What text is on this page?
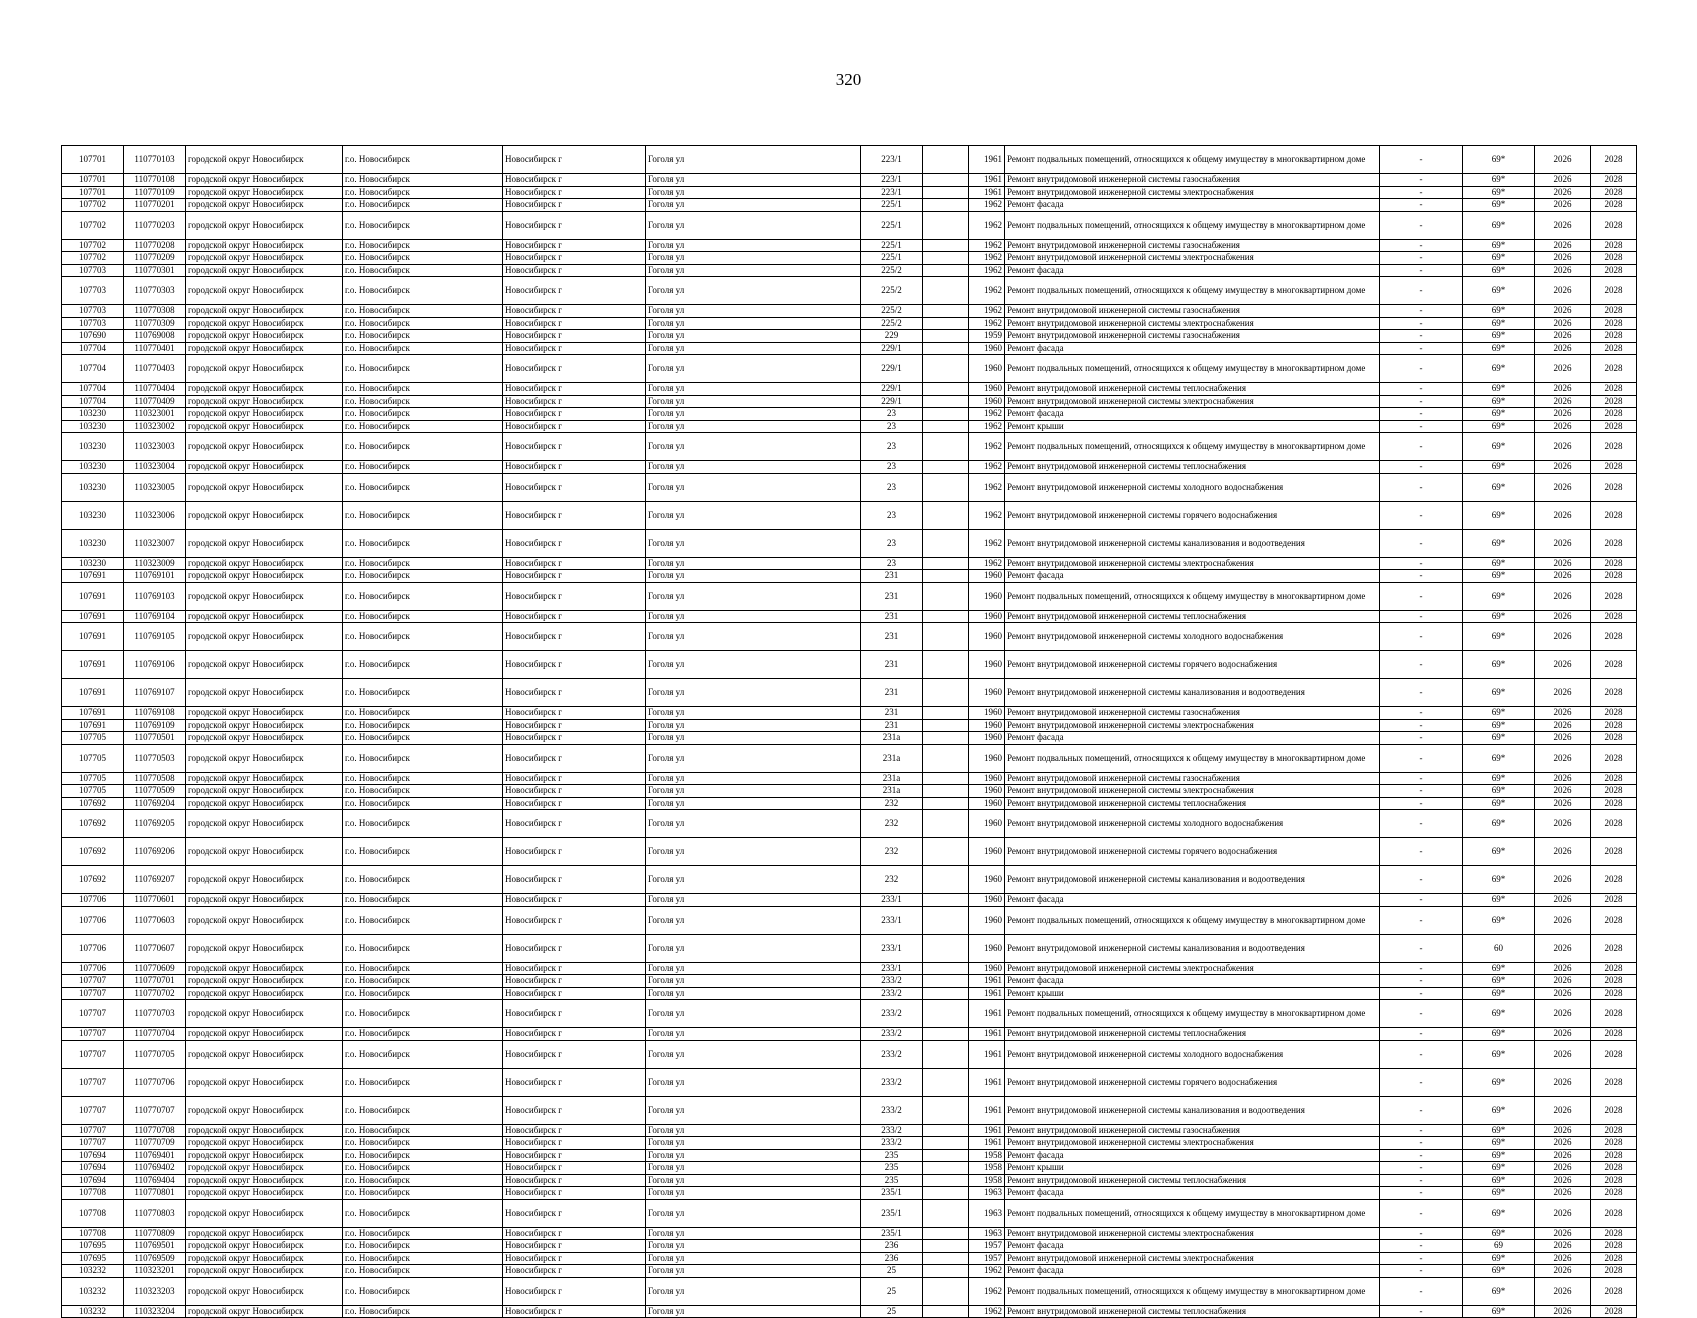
320
107701	110770103	городской округ Новосибирск	г.о. Новосибирск	Новосибирск г	Гоголя ул	223/1		1961	Ремонт подвальных помещений, относящихся к общему имуществу в многоквартирном доме	-	69*	2026	2028
107701	110770108	городской округ Новосибирск	г.о. Новосибирск	Новосибирск г	Гоголя ул	223/1		1961	Ремонт внутридомовой инженерной системы газоснабжения	-	69*	2026	2028
107701	110770109	городской округ Новосибирск	г.о. Новосибирск	Новосибирск г	Гоголя ул	223/1		1961	Ремонт внутридомовой инженерной системы электроснабжения	-	69*	2026	2028
107702	110770201	городской округ Новосибирск	г.о. Новосибирск	Новосибирск г	Гоголя ул	225/1		1962	Ремонт фасада	-	69*	2026	2028
107702	110770203	городской округ Новосибирск	г.о. Новосибирск	Новосибирск г	Гоголя ул	225/1		1962	Ремонт подвальных помещений, относящихся к общему имуществу в многоквартирном доме	-	69*	2026	2028
107702	110770208	городской округ Новосибирск	г.о. Новосибирск	Новосибирск г	Гоголя ул	225/1		1962	Ремонт внутридомовой инженерной системы газоснабжения	-	69*	2026	2028
107702	110770209	городской округ Новосибирск	г.о. Новосибирск	Новосибирск г	Гоголя ул	225/1		1962	Ремонт внутридомовой инженерной системы электроснабжения	-	69*	2026	2028
107703	110770301	городской округ Новосибирск	г.о. Новосибирск	Новосибирск г	Гоголя ул	225/2		1962	Ремонт фасада	-	69*	2026	2028
107703	110770303	городской округ Новосибирск	г.о. Новосибирск	Новосибирск г	Гоголя ул	225/2		1962	Ремонт подвальных помещений, относящихся к общему имуществу в многоквартирном доме	-	69*	2026	2028
107703	110770308	городской округ Новосибирск	г.о. Новосибирск	Новосибирск г	Гоголя ул	225/2		1962	Ремонт внутридомовой инженерной системы газоснабжения	-	69*	2026	2028
107703	110770309	городской округ Новосибирск	г.о. Новосибирск	Новосибирск г	Гоголя ул	225/2		1962	Ремонт внутридомовой инженерной системы электроснабжения	-	69*	2026	2028
107690	110769008	городской округ Новосибирск	г.о. Новосибирск	Новосибирск г	Гоголя ул	229		1959	Ремонт внутридомовой инженерной системы газоснабжения	-	69*	2026	2028
107704	110770401	городской округ Новосибирск	г.о. Новосибирск	Новосибирск г	Гоголя ул	229/1		1960	Ремонт фасада	-	69*	2026	2028
107704	110770403	городской округ Новосибирск	г.о. Новосибирск	Новосибирск г	Гоголя ул	229/1		1960	Ремонт подвальных помещений, относящихся к общему имуществу в многоквартирном доме	-	69*	2026	2028
107704	110770404	городской округ Новосибирск	г.о. Новосибирск	Новосибирск г	Гоголя ул	229/1		1960	Ремонт внутридомовой инженерной системы теплоснабжения	-	69*	2026	2028
107704	110770409	городской округ Новосибирск	г.о. Новосибирск	Новосибирск г	Гоголя ул	229/1		1960	Ремонт внутридомовой инженерной системы электроснабжения	-	69*	2026	2028
103230	110323001	городской округ Новосибирск	г.о. Новосибирск	Новосибирск г	Гоголя ул	23		1962	Ремонт фасада	-	69*	2026	2028
103230	110323002	городской округ Новосибирск	г.о. Новосибирск	Новосибирск г	Гоголя ул	23		1962	Ремонт крыши	-	69*	2026	2028
103230	110323003	городской округ Новосибирск	г.о. Новосибирск	Новосибирск г	Гоголя ул	23		1962	Ремонт подвальных помещений, относящихся к общему имуществу в многоквартирном доме	-	69*	2026	2028
103230	110323004	городской округ Новосибирск	г.о. Новосибирск	Новосибирск г	Гоголя ул	23		1962	Ремонт внутридомовой инженерной системы теплоснабжения	-	69*	2026	2028
103230	110323005	городской округ Новосибирск	г.о. Новосибирск	Новосибирск г	Гоголя ул	23		1962	Ремонт внутридомовой инженерной системы холодного водоснабжения	-	69*	2026	2028
103230	110323006	городской округ Новосибирск	г.о. Новосибирск	Новосибирск г	Гоголя ул	23		1962	Ремонт внутридомовой инженерной системы горячего водоснабжения	-	69*	2026	2028
103230	110323007	городской округ Новосибирск	г.о. Новосибирск	Новосибирск г	Гоголя ул	23		1962	Ремонт внутридомовой инженерной системы канализования и водоотведения	-	69*	2026	2028
103230	110323009	городской округ Новосибирск	г.о. Новосибирск	Новосибирск г	Гоголя ул	23		1962	Ремонт внутридомовой инженерной системы электроснабжения	-	69*	2026	2028
107691	110769101	городской округ Новосибирск	г.о. Новосибирск	Новосибирск г	Гоголя ул	231		1960	Ремонт фасада	-	69*	2026	2028
107691	110769103	городской округ Новосибирск	г.о. Новосибирск	Новосибирск г	Гоголя ул	231		1960	Ремонт подвальных помещений, относящихся к общему имуществу в многоквартирном доме	-	69*	2026	2028
107691	110769104	городской округ Новосибирск	г.о. Новосибирск	Новосибирск г	Гоголя ул	231		1960	Ремонт внутридомовой инженерной системы теплоснабжения	-	69*	2026	2028
107691	110769105	городской округ Новосибирск	г.о. Новосибирск	Новосибирск г	Гоголя ул	231		1960	Ремонт внутридомовой инженерной системы холодного водоснабжения	-	69*	2026	2028
107691	110769106	городской округ Новосибирск	г.о. Новосибирск	Новосибирск г	Гоголя ул	231		1960	Ремонт внутридомовой инженерной системы горячего водоснабжения	-	69*	2026	2028
107691	110769107	городской округ Новосибирск	г.о. Новосибирск	Новосибирск г	Гоголя ул	231		1960	Ремонт внутридомовой инженерной системы канализования и водоотведения	-	69*	2026	2028
107691	110769108	городской округ Новосибирск	г.о. Новосибирск	Новосибирск г	Гоголя ул	231		1960	Ремонт внутридомовой инженерной системы газоснабжения	-	69*	2026	2028
107691	110769109	городской округ Новосибирск	г.о. Новосибирск	Новосибирск г	Гоголя ул	231		1960	Ремонт внутридомовой инженерной системы электроснабжения	-	69*	2026	2028
107705	110770501	городской округ Новосибирск	г.о. Новосибирск	Новосибирск г	Гоголя ул	231а		1960	Ремонт фасада	-	69*	2026	2028
107705	110770503	городской округ Новосибирск	г.о. Новосибирск	Новосибирск г	Гоголя ул	231а		1960	Ремонт подвальных помещений, относящихся к общему имуществу в многоквартирном доме	-	69*	2026	2028
107705	110770508	городской округ Новосибирск	г.о. Новосибирск	Новосибирск г	Гоголя ул	231а		1960	Ремонт внутридомовой инженерной системы газоснабжения	-	69*	2026	2028
107705	110770509	городской округ Новосибирск	г.о. Новосибирск	Новосибирск г	Гоголя ул	231а		1960	Ремонт внутридомовой инженерной системы электроснабжения	-	69*	2026	2028
107692	110769204	городской округ Новосибирск	г.о. Новосибирск	Новосибирск г	Гоголя ул	232		1960	Ремонт внутридомовой инженерной системы теплоснабжения	-	69*	2026	2028
107692	110769205	городской округ Новосибирск	г.о. Новосибирск	Новосибирск г	Гоголя ул	232		1960	Ремонт внутридомовой инженерной системы холодного водоснабжения	-	69*	2026	2028
107692	110769206	городской округ Новосибирск	г.о. Новосибирск	Новосибирск г	Гоголя ул	232		1960	Ремонт внутридомовой инженерной системы горячего водоснабжения	-	69*	2026	2028
107692	110769207	городской округ Новосибирск	г.о. Новосибирск	Новосибирск г	Гоголя ул	232		1960	Ремонт внутридомовой инженерной системы канализования и водоотведения	-	69*	2026	2028
107706	110770601	городской округ Новосибирск	г.о. Новосибирск	Новосибирск г	Гоголя ул	233/1		1960	Ремонт фасада	-	69*	2026	2028
107706	110770603	городской округ Новосибирск	г.о. Новосибирск	Новосибирск г	Гоголя ул	233/1		1960	Ремонт подвальных помещений, относящихся к общему имуществу в многоквартирном доме	-	69*	2026	2028
107706	110770607	городской округ Новосибирск	г.о. Новосибирск	Новосибирск г	Гоголя ул	233/1		1960	Ремонт внутридомовой инженерной системы канализования и водоотведения	-	60	2026	2028
107706	110770609	городской округ Новосибирск	г.о. Новосибирск	Новосибирск г	Гоголя ул	233/1		1960	Ремонт внутридомовой инженерной системы электроснабжения	-	69*	2026	2028
107707	110770701	городской округ Новосибирск	г.о. Новосибирск	Новосибирск г	Гоголя ул	233/2		1961	Ремонт фасада	-	69*	2026	2028
107707	110770702	городской округ Новосибирск	г.о. Новосибирск	Новосибирск г	Гоголя ул	233/2		1961	Ремонт крыши	-	69*	2026	2028
107707	110770703	городской округ Новосибирск	г.о. Новосибирск	Новосибирск г	Гоголя ул	233/2		1961	Ремонт подвальных помещений, относящихся к общему имуществу в многоквартирном доме	-	69*	2026	2028
107707	110770704	городской округ Новосибирск	г.о. Новосибирск	Новосибирск г	Гоголя ул	233/2		1961	Ремонт внутридомовой инженерной системы теплоснабжения	-	69*	2026	2028
107707	110770705	городской округ Новосибирск	г.о. Новосибирск	Новосибирск г	Гоголя ул	233/2		1961	Ремонт внутридомовой инженерной системы холодного водоснабжения	-	69*	2026	2028
107707	110770706	городской округ Новосибирск	г.о. Новосибирск	Новосибирск г	Гоголя ул	233/2		1961	Ремонт внутридомовой инженерной системы горячего водоснабжения	-	69*	2026	2028
107707	110770707	городской округ Новосибирск	г.о. Новосибирск	Новосибирск г	Гоголя ул	233/2		1961	Ремонт внутридомовой инженерной системы канализования и водоотведения	-	69*	2026	2028
107707	110770708	городской округ Новосибирск	г.о. Новосибирск	Новосибирск г	Гоголя ул	233/2		1961	Ремонт внутридомовой инженерной системы газоснабжения	-	69*	2026	2028
107707	110770709	городской округ Новосибирск	г.о. Новосибирск	Новосибирск г	Гоголя ул	233/2		1961	Ремонт внутридомовой инженерной системы электроснабжения	-	69*	2026	2028
107694	110769401	городской округ Новосибирск	г.о. Новосибирск	Новосибирск г	Гоголя ул	235		1958	Ремонт фасада	-	69*	2026	2028
107694	110769402	городской округ Новосибирск	г.о. Новосибирск	Новосибирск г	Гоголя ул	235		1958	Ремонт крыши	-	69*	2026	2028
107694	110769404	городской округ Новосибирск	г.о. Новосибирск	Новосибирск г	Гоголя ул	235		1958	Ремонт внутридомовой инженерной системы теплоснабжения	-	69*	2026	2028
107708	110770801	городской округ Новосибирск	г.о. Новосибирск	Новосибирск г	Гоголя ул	235/1		1963	Ремонт фасада	-	69*	2026	2028
107708	110770803	городской округ Новосибирск	г.о. Новосибирск	Новосибирск г	Гоголя ул	235/1		1963	Ремонт подвальных помещений, относящихся к общему имуществу в многоквартирном доме	-	69*	2026	2028
107708	110770809	городской округ Новосибирск	г.о. Новосибирск	Новосибирск г	Гоголя ул	235/1		1963	Ремонт внутридомовой инженерной системы электроснабжения	-	69*	2026	2028
107695	110769501	городской округ Новосибирск	г.о. Новосибирск	Новосибирск г	Гоголя ул	236		1957	Ремонт фасада	-	69	2026	2028
107695	110769509	городской округ Новосибирск	г.о. Новосибирск	Новосибирск г	Гоголя ул	236		1957	Ремонт внутридомовой инженерной системы электроснабжения	-	69*	2026	2028
103232	110323201	городской округ Новосибирск	г.о. Новосибирск	Новосибирск г	Гоголя ул	25		1962	Ремонт фасада	-	69*	2026	2028
103232	110323203	городской округ Новосибирск	г.о. Новосибирск	Новосибирск г	Гоголя ул	25		1962	Ремонт подвальных помещений, относящихся к общему имуществу в многоквартирном доме	-	69*	2026	2028
103232	110323204	городской округ Новосибирск	г.о. Новосибирск	Новосибирск г	Гоголя ул	25		1962	Ремонт внутридомовой инженерной системы теплоснабжения	-	69*	2026	2028
